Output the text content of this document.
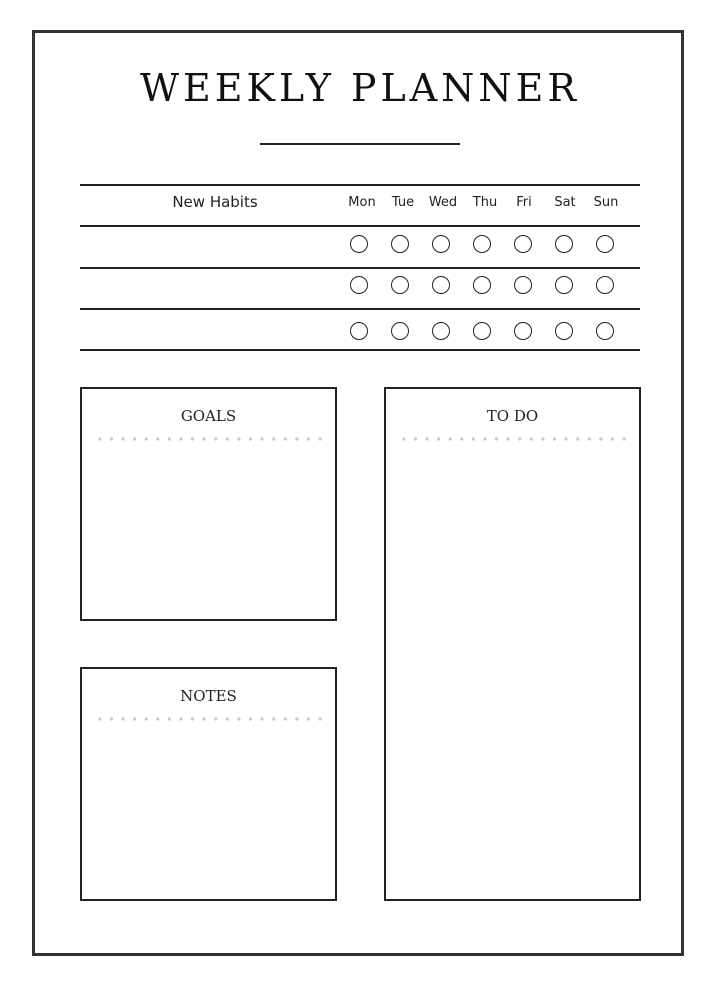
WEEKLY PLANNER
New Habits	Mon	Tue	Wed	Thu	Fri	Sat	Sun
GOALS	TO DO
NOTES
